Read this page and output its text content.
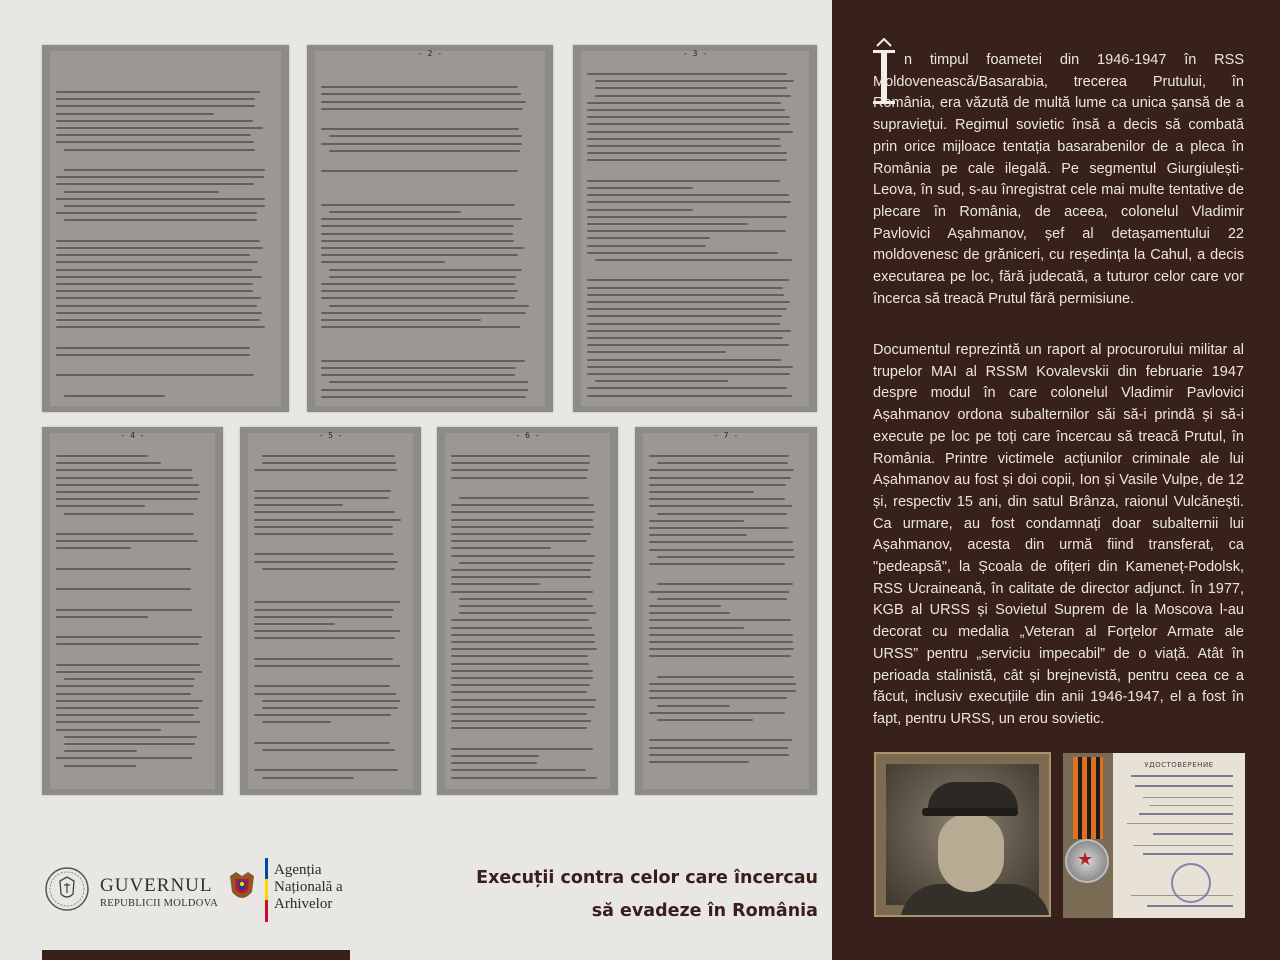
- 2 -	- 3 -
- 4 -	- 5 -	- 6 -	- 7 -
GUVERNUL
REPUBLICII MOLDOVA
Agenția
Națională a
Arhivelor
Execuții contra celor care încercau
să evadeze în România
n timpul foametei din 1946-1947 în RSS Moldovenească/Basarabia, trecerea Prutului, în România, era văzută de multă lume ca unica șansă de a supraviețui. Regimul sovietic însă a decis să combată prin orice mijloace tentația basarabenilor de a pleca în România pe cale ilegală. Pe segmentul Giurgiulești-Leova, în sud, s-au înregistrat cele mai multe tentative de plecare în România, de aceea, colonelul Vladimir Pavlovici Așahmanov, șef al detașamentului 22 moldovenesc de grăniceri, cu reședința la Cahul, a decis executarea pe loc, fără judecată, a tuturor celor care vor încerca să treacă Prutul fără permisiune.
Documentul reprezintă un raport al procurorului militar al trupelor MAI al RSSM Kovalevskii din februarie 1947 despre modul în care colonelul Vladimir Pavlovici Așahmanov ordona subalternilor săi să-i prindă și să-i execute pe loc pe toți care încercau să treacă Prutul, în România. Printre victimele acțiunilor criminale ale lui Așahmanov au fost și doi copii, Ion și Vasile Vulpe, de 12 și, respectiv 15 ani, din satul Brânza, raionul Vulcănești. Ca urmare, au fost condamnați doar subalternii lui Așahmanov, acesta din urmă fiind transferat, ca "pedeapsă", la Școala de ofițeri din Kameneț-Podolsk, RSS Ucraineană, în calitate de director adjunct. În 1977, KGB al URSS și Sovietul Suprem de la Moscova l-au decorat cu medalia „Veteran al Forțelor Armate ale URSS” pentru „serviciu impecabil” de o viață. Atât în perioada stalinistă, cât și brejnevistă, pentru ceea ce a făcut, inclusiv execuțiile din anii 1946-1947, el a fost în fapt, pentru URSS, un erou sovietic.
★
УДОСТОВЕРЕНИЕ
